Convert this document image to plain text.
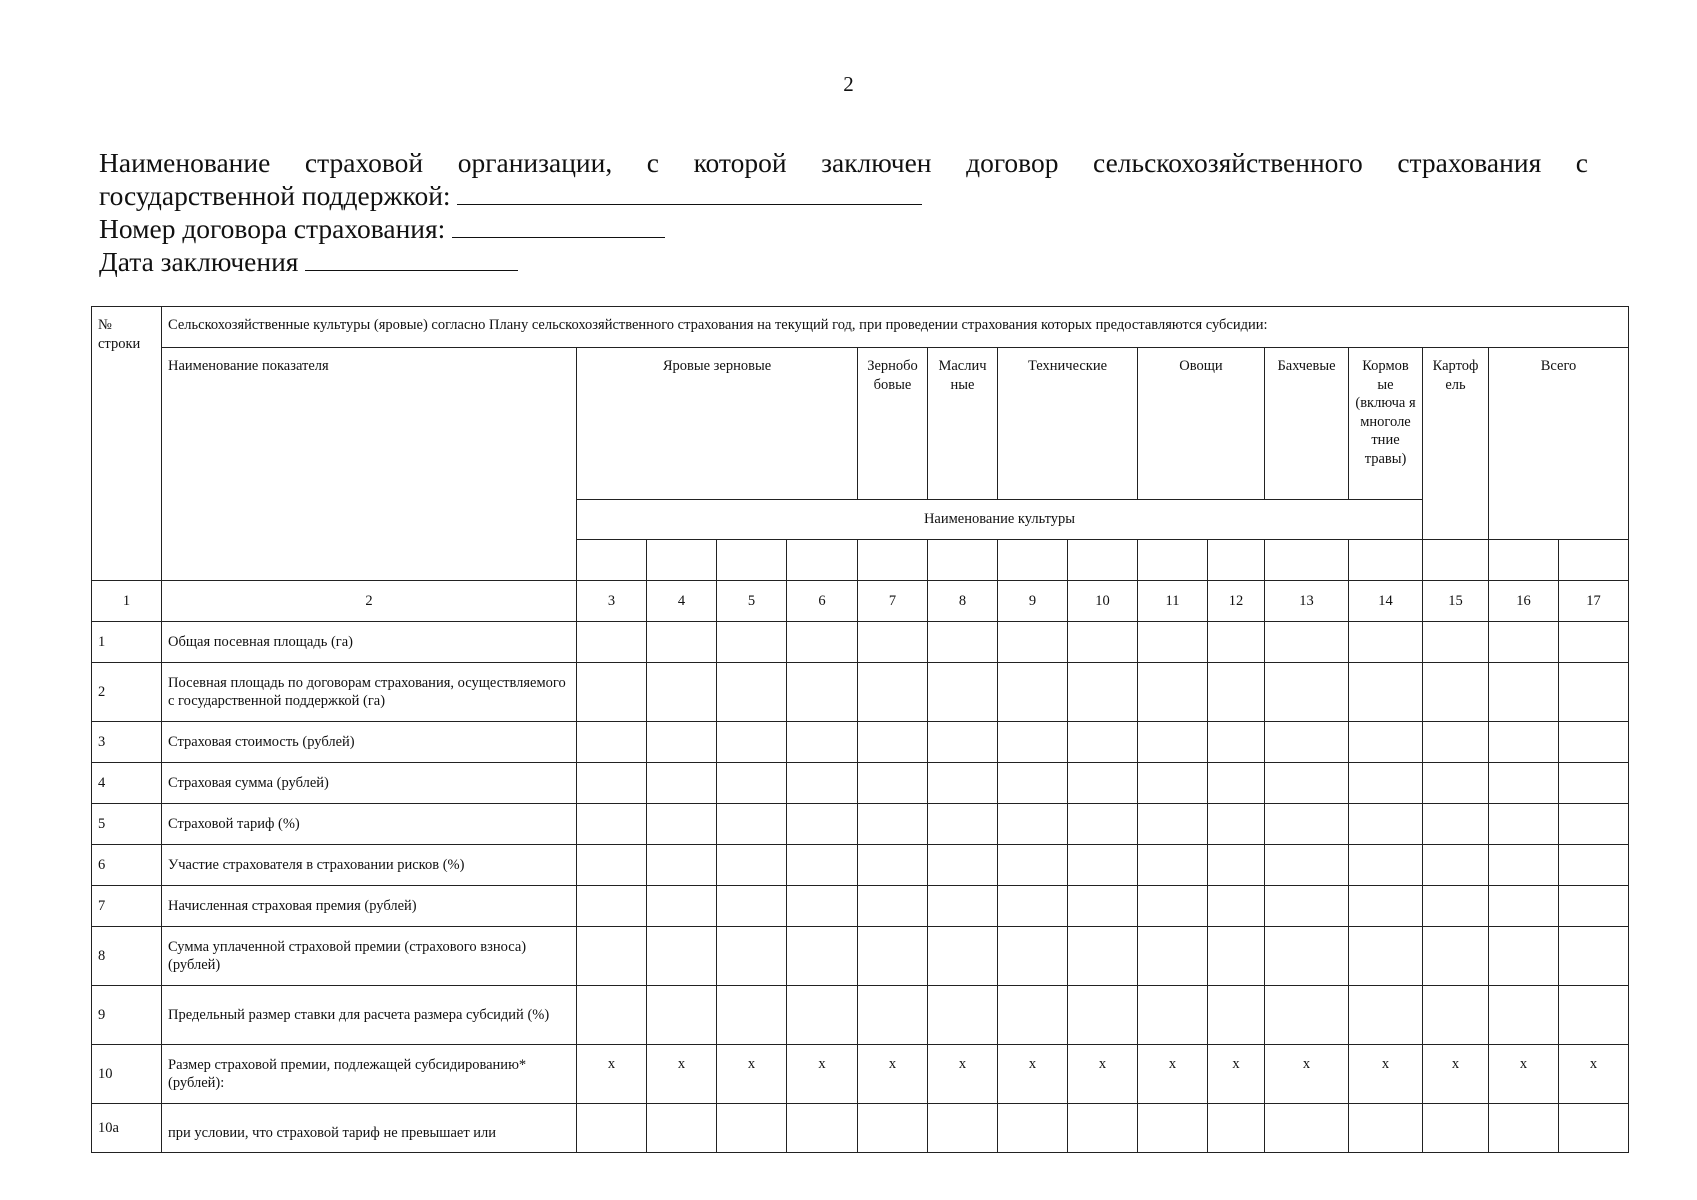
2
Наименование страховой организации, с которой заключен договор сельскохозяйственного страхования с
государственной поддержкой:
Номер договора страхования:
Дата заключения
№ строки	Сельскохозяйственные культуры (яровые) согласно Плану сельскохозяйственного страхования на текущий год, при проведении страхования которых предоставляются субсидии:															
	Наименование показателя	Яровые зерновые				Зернобо бовые	Маслич ные	Технические		Овощи		Бахчевые	Кормов ые (включа я многоле тние травы)	Картоф ель	Всего	
		Наименование культуры														

1	2	3	4	5	6	7	8	9	10	11	12	13	14	15	16	17
1	Общая посевная площадь (га)															
2	Посевная площадь по договорам страхования, осуществляемого с государственной поддержкой (га)															
3	Страховая стоимость (рублей)															
4	Страховая сумма (рублей)															
5	Страховой тариф (%)															
6	Участие страхователя в страховании рисков (%)															
7	Начисленная страховая премия (рублей)															
8	Сумма уплаченной страховой премии (страхового взноса) (рублей)															
9	Предельный размер ставки для расчета размера субсидий (%)															
10	Размер страховой премии, подлежащей субсидированию* (рублей):	х	х	х	х	х	х	х	х	х	х	х	х	х	х	х
10а	при условии, что страховой тариф не превышает или															
